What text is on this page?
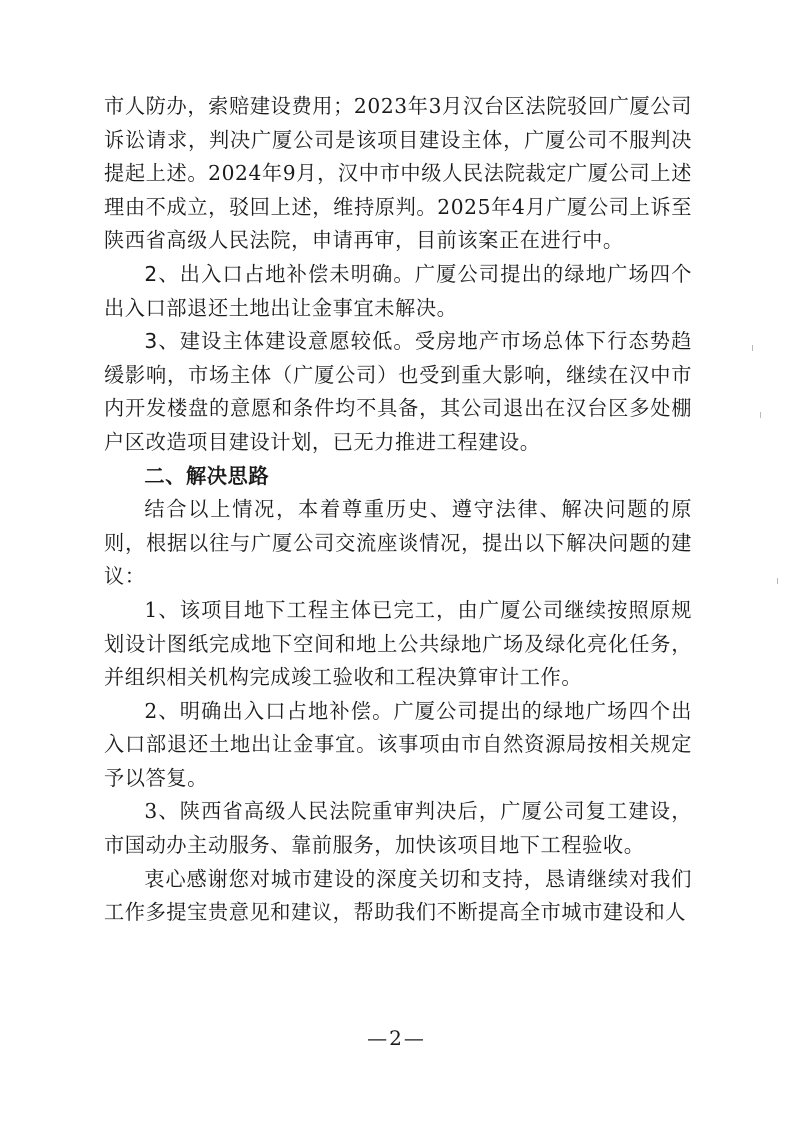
市人防办，索赔建设费用；2023年3月汉台区法院驳回广厦公司诉讼请求，判决广厦公司是该项目建设主体，广厦公司不服判决提起上述。2024年9月，汉中市中级人民法院裁定广厦公司上述理由不成立，驳回上述，维持原判。2025年4月广厦公司上诉至陕西省高级人民法院，申请再审，目前该案正在进行中。

2、出入口占地补偿未明确。广厦公司提出的绿地广场四个出入口部退还土地出让金事宜未解决。

3、建设主体建设意愿较低。受房地产市场总体下行态势趋缓影响，市场主体（广厦公司）也受到重大影响，继续在汉中市内开发楼盘的意愿和条件均不具备，其公司退出在汉台区多处棚户区改造项目建设计划，已无力推进工程建设。

二、解决思路

结合以上情况，本着尊重历史、遵守法律、解决问题的原则，根据以往与广厦公司交流座谈情况，提出以下解决问题的建议：

1、该项目地下工程主体已完工，由广厦公司继续按照原规划设计图纸完成地下空间和地上公共绿地广场及绿化亮化任务，并组织相关机构完成竣工验收和工程决算审计工作。

2、明确出入口占地补偿。广厦公司提出的绿地广场四个出入口部退还土地出让金事宜。该事项由市自然资源局按相关规定予以答复。

3、陕西省高级人民法院重审判决后，广厦公司复工建设，市国动办主动服务、靠前服务，加快该项目地下工程验收。

衷心感谢您对城市建设的深度关切和支持，恳请继续对我们工作多提宝贵意见和建议，帮助我们不断提高全市城市建设和人

—2—
